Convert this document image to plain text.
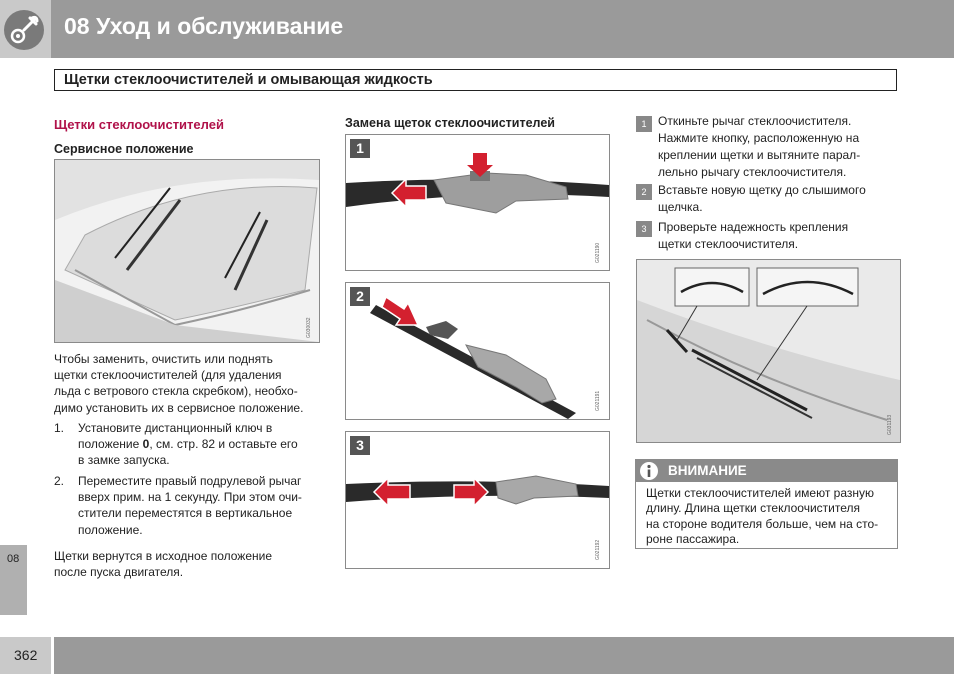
08 Уход и обслуживание
Щетки стеклоочистителей и омывающая жидкость
Щетки стеклоочистителей
Сервисное положение
G030032
Чтобы заменить, очистить или поднять
щетки стеклоочистителей (для удаления
льда с ветрового стекла скребком), необхо-
димо установить их в сервисное положение.
1. Установите дистанционный ключ в
положение 0, см. стр. 82 и оставьте его
в замке запуска.
2. Переместите правый подрулевой рычаг
вверх прим. на 1 секунду. При этом очи-
стители переместятся в вертикальное
положение.
Щетки вернутся в исходное положение
после пуска двигателя.
Замена щеток стеклоочистителей
1
G021190
2
G021191
3
G021192
1 Откиньте рычаг стеклоочистителя.
Нажмите кнопку, расположенную на
креплении щетки и вытяните парал-
лельно рычагу стеклоочистителя.
2 Вставьте новую щетку до слышимого
щелчка.
3 Проверьте надежность крепления
щетки стеклоочистителя.
G031193
ВНИМАНИЕ
Щетки стеклоочистителей имеют разную
длину. Длина щетки стеклоочистителя
на стороне водителя больше, чем на сто-
роне пассажира.
08
362
